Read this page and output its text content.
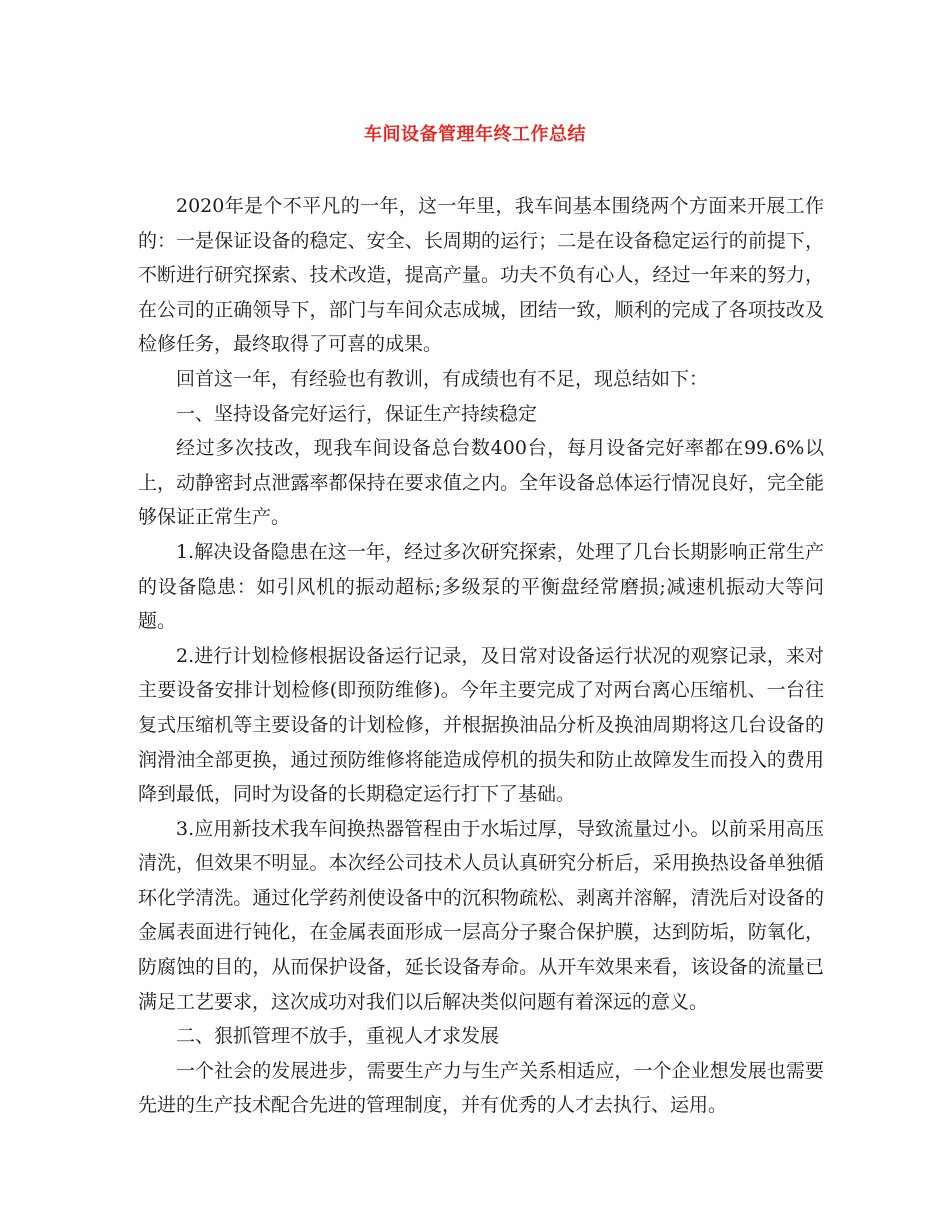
车间设备管理年终工作总结

2020年是个不平凡的一年，这一年里，我车间基本围绕两个方面来开展工作的：一是保证设备的稳定、安全、长周期的运行；二是在设备稳定运行的前提下，不断进行研究探索、技术改造，提高产量。功夫不负有心人，经过一年来的努力，在公司的正确领导下，部门与车间众志成城，团结一致，顺利的完成了各项技改及检修任务，最终取得了可喜的成果。

回首这一年，有经验也有教训，有成绩也有不足，现总结如下：

一、坚持设备完好运行，保证生产持续稳定

经过多次技改，现我车间设备总台数400台，每月设备完好率都在99.6%以上，动静密封点泄露率都保持在要求值之内。全年设备总体运行情况良好，完全能够保证正常生产。

1.解决设备隐患在这一年，经过多次研究探索，处理了几台长期影响正常生产的设备隐患：如引风机的振动超标;多级泵的平衡盘经常磨损;减速机振动大等问题。

2.进行计划检修根据设备运行记录，及日常对设备运行状况的观察记录，来对主要设备安排计划检修(即预防维修)。今年主要完成了对两台离心压缩机、一台往复式压缩机等主要设备的计划检修，并根据换油品分析及换油周期将这几台设备的润滑油全部更换，通过预防维修将能造成停机的损失和防止故障发生而投入的费用降到最低，同时为设备的长期稳定运行打下了基础。

3.应用新技术我车间换热器管程由于水垢过厚，导致流量过小。以前采用高压清洗，但效果不明显。本次经公司技术人员认真研究分析后，采用换热设备单独循环化学清洗。通过化学药剂使设备中的沉积物疏松、剥离并溶解，清洗后对设备的金属表面进行钝化，在金属表面形成一层高分子聚合保护膜，达到防垢，防氧化，防腐蚀的目的，从而保护设备，延长设备寿命。从开车效果来看，该设备的流量已满足工艺要求，这次成功对我们以后解决类似问题有着深远的意义。

二、狠抓管理不放手，重视人才求发展

一个社会的发展进步，需要生产力与生产关系相适应，一个企业想发展也需要先进的生产技术配合先进的管理制度，并有优秀的人才去执行、运用。
